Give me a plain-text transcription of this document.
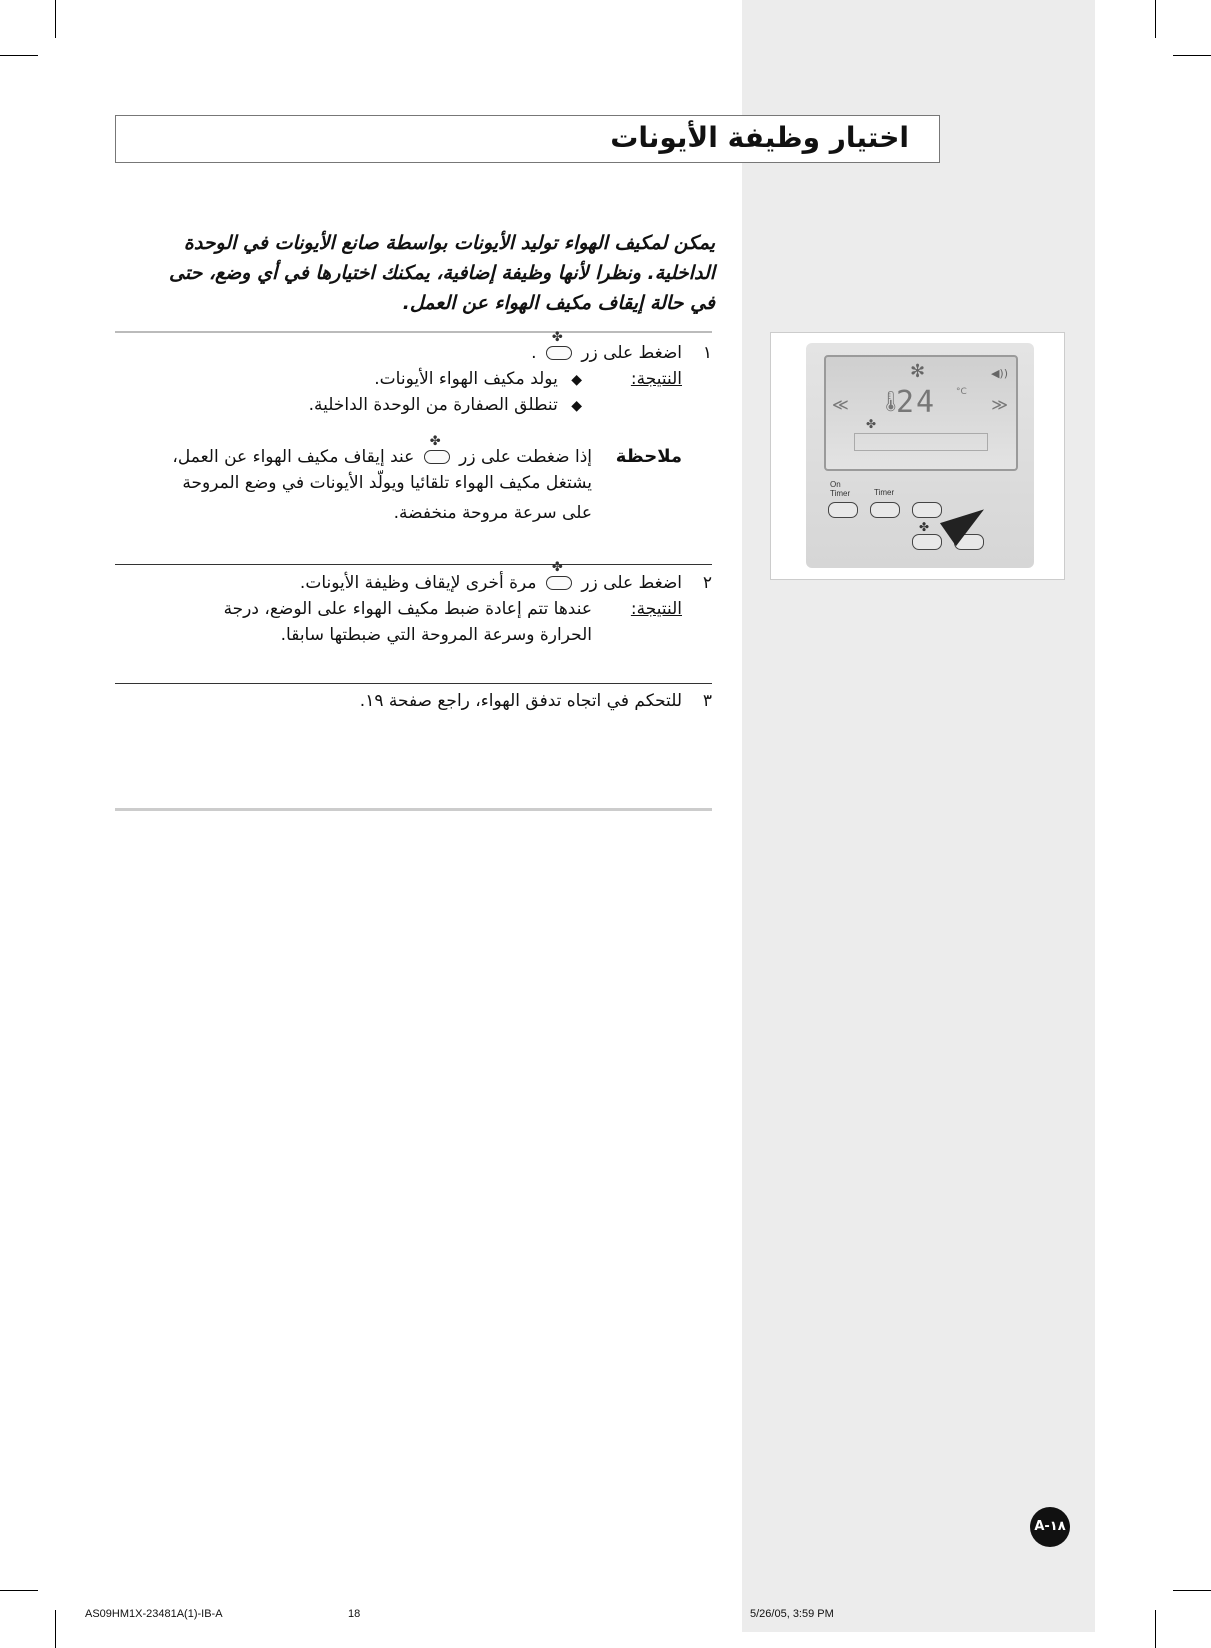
اختيار وظيفة الأيونات
يمكن لمكيف الهواء توليد الأيونات بواسطة صانع الأيونات في الوحدة
الداخلية. ونظرا لأنها وظيفة إضافية، يمكنك اختيارها في أي وضع، حتى
في حالة إيقاف مكيف الهواء عن العمل.
١
اضغط على زر ✤ .
النتيجة:
◆ يولد مكيف الهواء الأيونات.
◆ تنطلق الصفارة من الوحدة الداخلية.
ملاحظة
إذا ضغطت على زر ✤ عند إيقاف مكيف الهواء عن العمل،
يشتغل مكيف الهواء تلقائيا ويولّد الأيونات في وضع المروحة
على سرعة مروحة منخفضة.
٢
اضغط على زر ✤ مرة أخرى لإيقاف وظيفة الأيونات.
النتيجة:
عندها تتم إعادة ضبط مكيف الهواء على الوضع، درجة
الحرارة وسرعة المروحة التي ضبطتها سابقا.
٣
للتحكم في اتجاه تدفق الهواء، راجع صفحة ١٩.
✻	◀))
≪ 🌡
24 °C
≫
✤
On
Timer	Timer
✤
A-١٨
AS09HM1X-23481A(1)-IB-A	18	5/26/05, 3:59 PM
